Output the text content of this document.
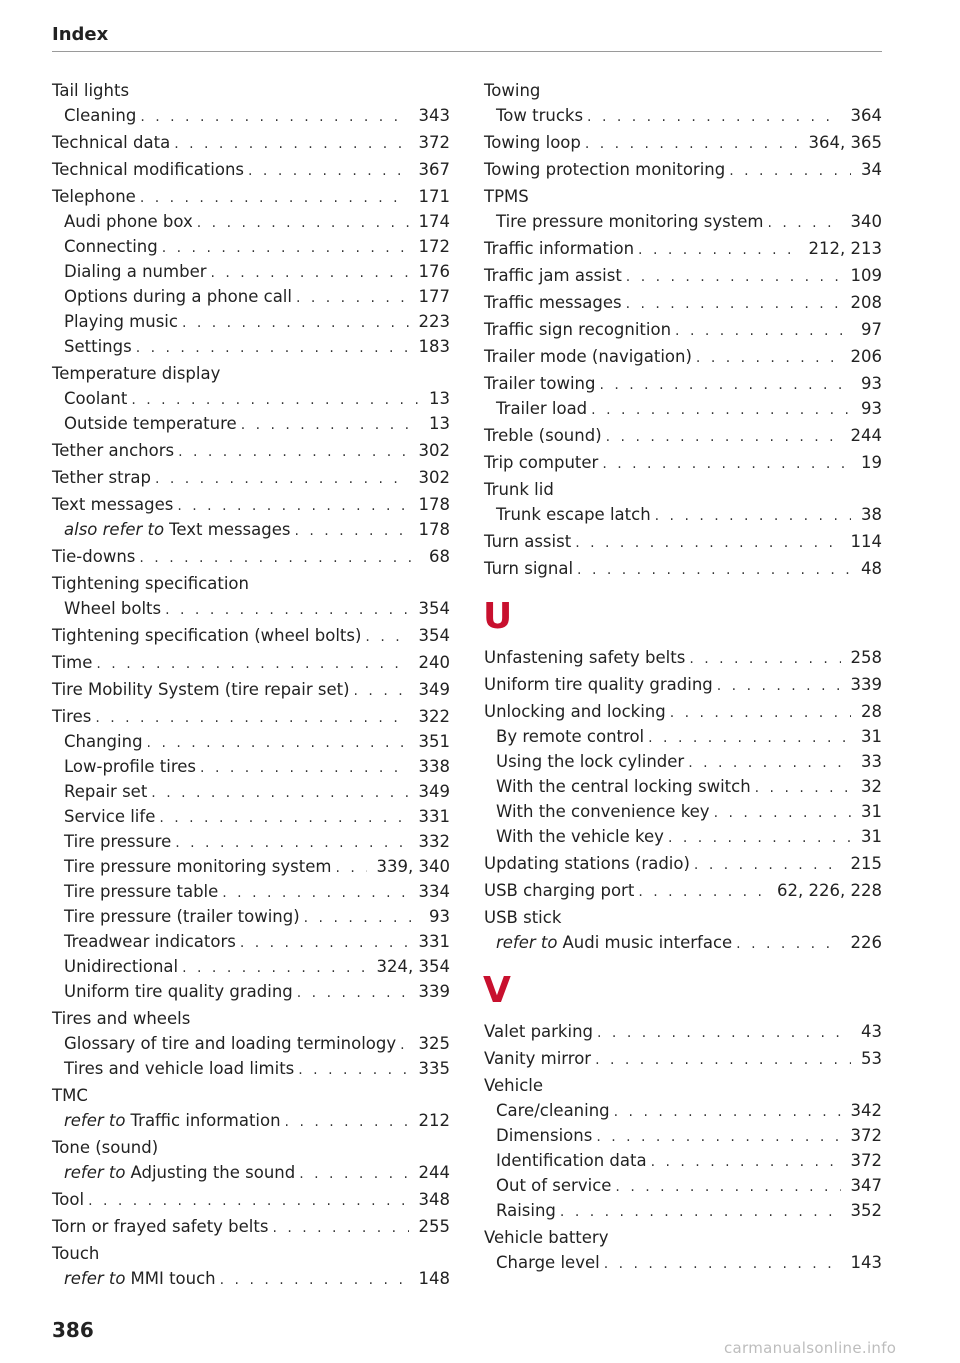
Index
Tail lights
Cleaning . . .	343
Technical data . . .	372
Technical modifications . . .	367
Telephone . . .	171
Audi phone box . . .	174
Connecting . . .	172
Dialing a number . . .	176
Options during a phone call . . .	177
Playing music . . .	223
Settings . . .	183
Temperature display
Coolant . . .	13
Outside temperature . . .	13
Tether anchors . . .	302
Tether strap . . .	302
Text messages . . .	178
also refer to Text messages . . .	178
Tie-downs . . .	68
Tightening specification
Wheel bolts . . .	354
Tightening specification (wheel bolts) . . .	354
Time . . .	240
Tire Mobility System (tire repair set) . . .	349
Tires . . .	322
Changing . . .	351
Low-profile tires . . .	338
Repair set . . .	349
Service life . . .	331
Tire pressure . . .	332
Tire pressure monitoring system . . .	339, 340
Tire pressure table . . .	334
Tire pressure (trailer towing) . . .	93
Treadwear indicators . . .	331
Unidirectional . . .	324, 354
Uniform tire quality grading . . .	339
Tires and wheels
Glossary of tire and loading terminology . . . 325
Tires and vehicle load limits . . .	335
TMC
refer to Traffic information . . .	212
Tone (sound)
refer to Adjusting the sound . . .	244
Tool . . .	348
Torn or frayed safety belts . . .	255
Touch
refer to MMI touch . . .	148
Towing
Tow trucks . . .	364
Towing loop . . .	364, 365
Towing protection monitoring . . .	34
TPMS
Tire pressure monitoring system . . .	340
Traffic information . . .	212, 213
Traffic jam assist . . .	109
Traffic messages . . .	208
Traffic sign recognition . . .	97
Trailer mode (navigation) . . .	206
Trailer towing . . .	93
Trailer load . . .	93
Treble (sound) . . .	244
Trip computer . . .	19
Trunk lid
Trunk escape latch . . .	38
Turn assist . . .	114
Turn signal . . .	48
U
Unfastening safety belts . . .	258
Uniform tire quality grading . . .	339
Unlocking and locking . . .	28
By remote control . . .	31
Using the lock cylinder . . .	33
With the central locking switch . . .	32
With the convenience key . . .	31
With the vehicle key . . .	31
Updating stations (radio) . . .	215
USB charging port . . .	62, 226, 228
USB stick
refer to Audi music interface . . .	226
V
Valet parking . . .	43
Vanity mirror . . .	53
Vehicle
Care/cleaning . . .	342
Dimensions . . .	372
Identification data . . .	372
Out of service . . .	347
Raising . . .	352
Vehicle battery
Charge level . . .	143
386
carmanualsonline.info
